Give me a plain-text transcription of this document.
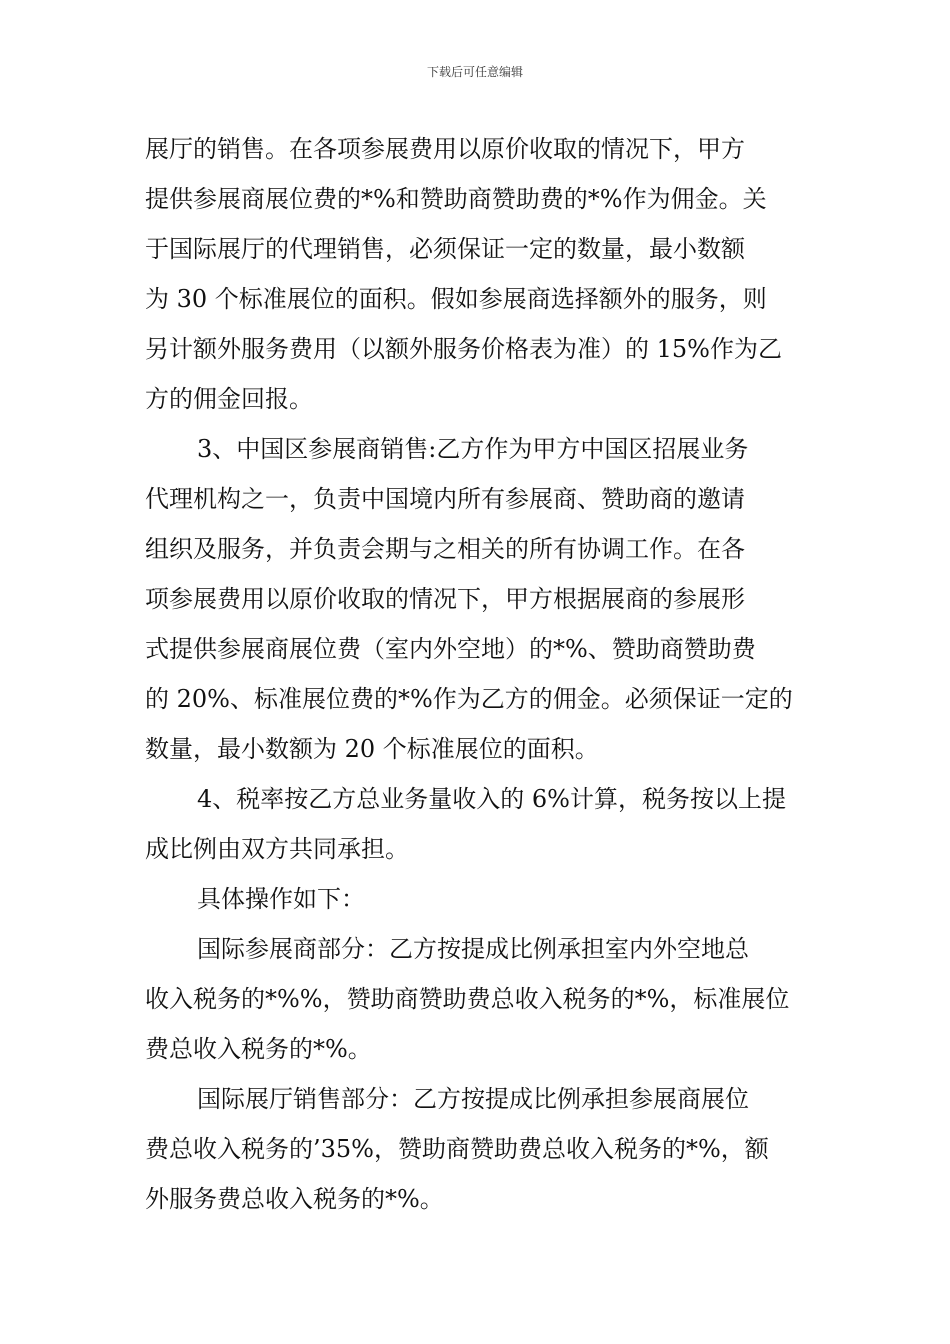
下载后可任意编辑
展厅的销售。在各项参展费用以原价收取的情况下，甲方
提供参展商展位费的*%和赞助商赞助费的*%作为佣金。关
于国际展厅的代理销售，必须保证一定的数量，最小数额
为 30 个标准展位的面积。假如参展商选择额外的服务，则
另计额外服务费用（以额外服务价格表为准）的 15%作为乙
方的佣金回报。
3、中国区参展商销售:乙方作为甲方中国区招展业务
代理机构之一，负责中国境内所有参展商、赞助商的邀请
组织及服务，并负责会期与之相关的所有协调工作。在各
项参展费用以原价收取的情况下，甲方根据展商的参展形
式提供参展商展位费（室内外空地）的*%、赞助商赞助费
的 20%、标准展位费的*%作为乙方的佣金。必须保证一定的
数量，最小数额为 20 个标准展位的面积。
4、税率按乙方总业务量收入的 6%计算，税务按以上提
成比例由双方共同承担。
具体操作如下：
国际参展商部分：乙方按提成比例承担室内外空地总
收入税务的*%%，赞助商赞助费总收入税务的*%，标准展位
费总收入税务的*%。
国际展厅销售部分：乙方按提成比例承担参展商展位
费总收入税务的’35%，赞助商赞助费总收入税务的*%，额
外服务费总收入税务的*%。
